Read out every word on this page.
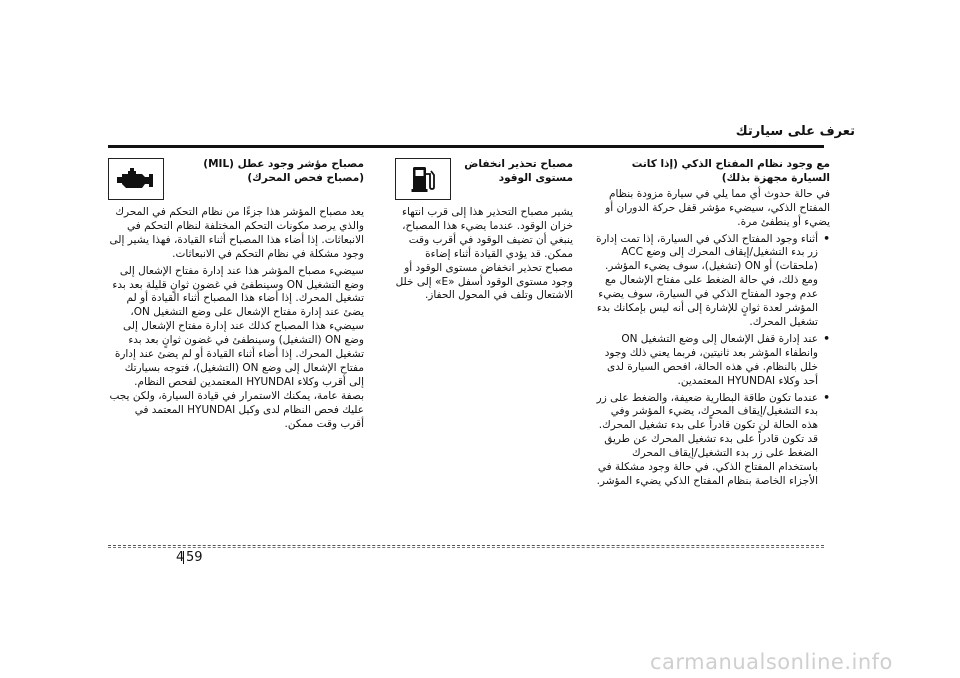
تعرف على سيارتك
مع وجود نظام المفتاح الذكي (إذا كانت السيارة مجهزة بذلك)

في حالة حدوث أي مما يلي في سيارة مزودة بنظام المفتاح الذكي، سيضيء مؤشر قفل حركة الدوران أو يضيء أو ينطفئ مرة.

• أثناء وجود المفتاح الذكي في السيارة، إذا تمت إدارة زر بدء التشغيل/إيقاف المحرك إلى وضع ACC (ملحقات) أو ON (تشغيل)، سوف يضيء المؤشر. ومع ذلك، في حالة الضغط على مفتاح الإشعال مع عدم وجود المفتاح الذكي في السيارة، سوف يضيء المؤشر لعدة ثوانٍ للإشارة إلى أنه ليس بإمكانك بدء تشغيل المحرك.
• عند إدارة قفل الإشعال إلى وضع التشغيل ON وانطفاء المؤشر بعد ثانيتين، فربما يعني ذلك وجود خلل بالنظام. في هذه الحالة، افحص السيارة لدى أحد وكلاء HYUNDAI المعتمدين.
• عندما تكون طاقة البطارية ضعيفة، والضغط على زر بدء التشغيل/إيقاف المحرك، يضيء المؤشر وفي هذه الحالة لن تكون قادراً على بدء تشغيل المحرك. قد تكون قادراً على بدء تشغيل المحرك عن طريق الضغط على زر بدء التشغيل/إيقاف المحرك باستخدام المفتاح الذكي. في حالة وجود مشكلة في الأجزاء الخاصة بنظام المفتاح الذكي يضيء المؤشر.
مصباح تحذير انخفاض مستوى الوقود

يشير مصباح التحذير هذا إلى قرب انتهاء خزان الوقود. عندما يضيء هذا المصباح، ينبغي أن تضيف الوقود في أقرب وقت ممكن. قد يؤدي القيادة أثناء إضاءة مصباح تحذير انخفاض مستوى الوقود أو وجود مستوى الوقود أسفل «E» إلى خلل الاشتعال وتلف في المحول الحفاز.

مصباح مؤشر وجود عطل (MIL) (مصباح فحص المحرك)

يعد مصباح المؤشر هذا جزءًا من نظام التحكم في المحرك والذي يرصد مكونات التحكم المختلفة لنظام التحكم في الانبعاثات. إذا أضاء هذا المصباح أثناء القيادة، فهذا يشير إلى وجود مشكلة في نظام التحكم في الانبعاثات.

سيضيء مصباح المؤشر هذا عند إدارة مفتاح الإشعال إلى وضع التشغيل ON وسينطفئ في غضون ثوانٍ قليلة بعد بدء تشغيل المحرك. إذا أضاء هذا المصباح أثناء القيادة أو لم يضئ عند إدارة مفتاح الإشعال على وضع التشغيل ON، سيضيء هذا المصباح كذلك عند إدارة مفتاح الإشعال إلى وضع ON (التشغيل) وسينطفئ في غضون ثوانٍ بعد بدء تشغيل المحرك. إذا أضاء أثناء القيادة أو لم يضئ عند إدارة مفتاح الإشعال إلى وضع ON (التشغيل)، فتوجه بسيارتك إلى أقرب وكلاء HYUNDAI المعتمدين لفحص النظام. بصفة عامة، يمكنك الاستمرار في قيادة السيارة، ولكن يجب عليك فحص النظام لدى وكيل HYUNDAI المعتمد في أقرب وقت ممكن.

59
4
carmanualsonline.info
